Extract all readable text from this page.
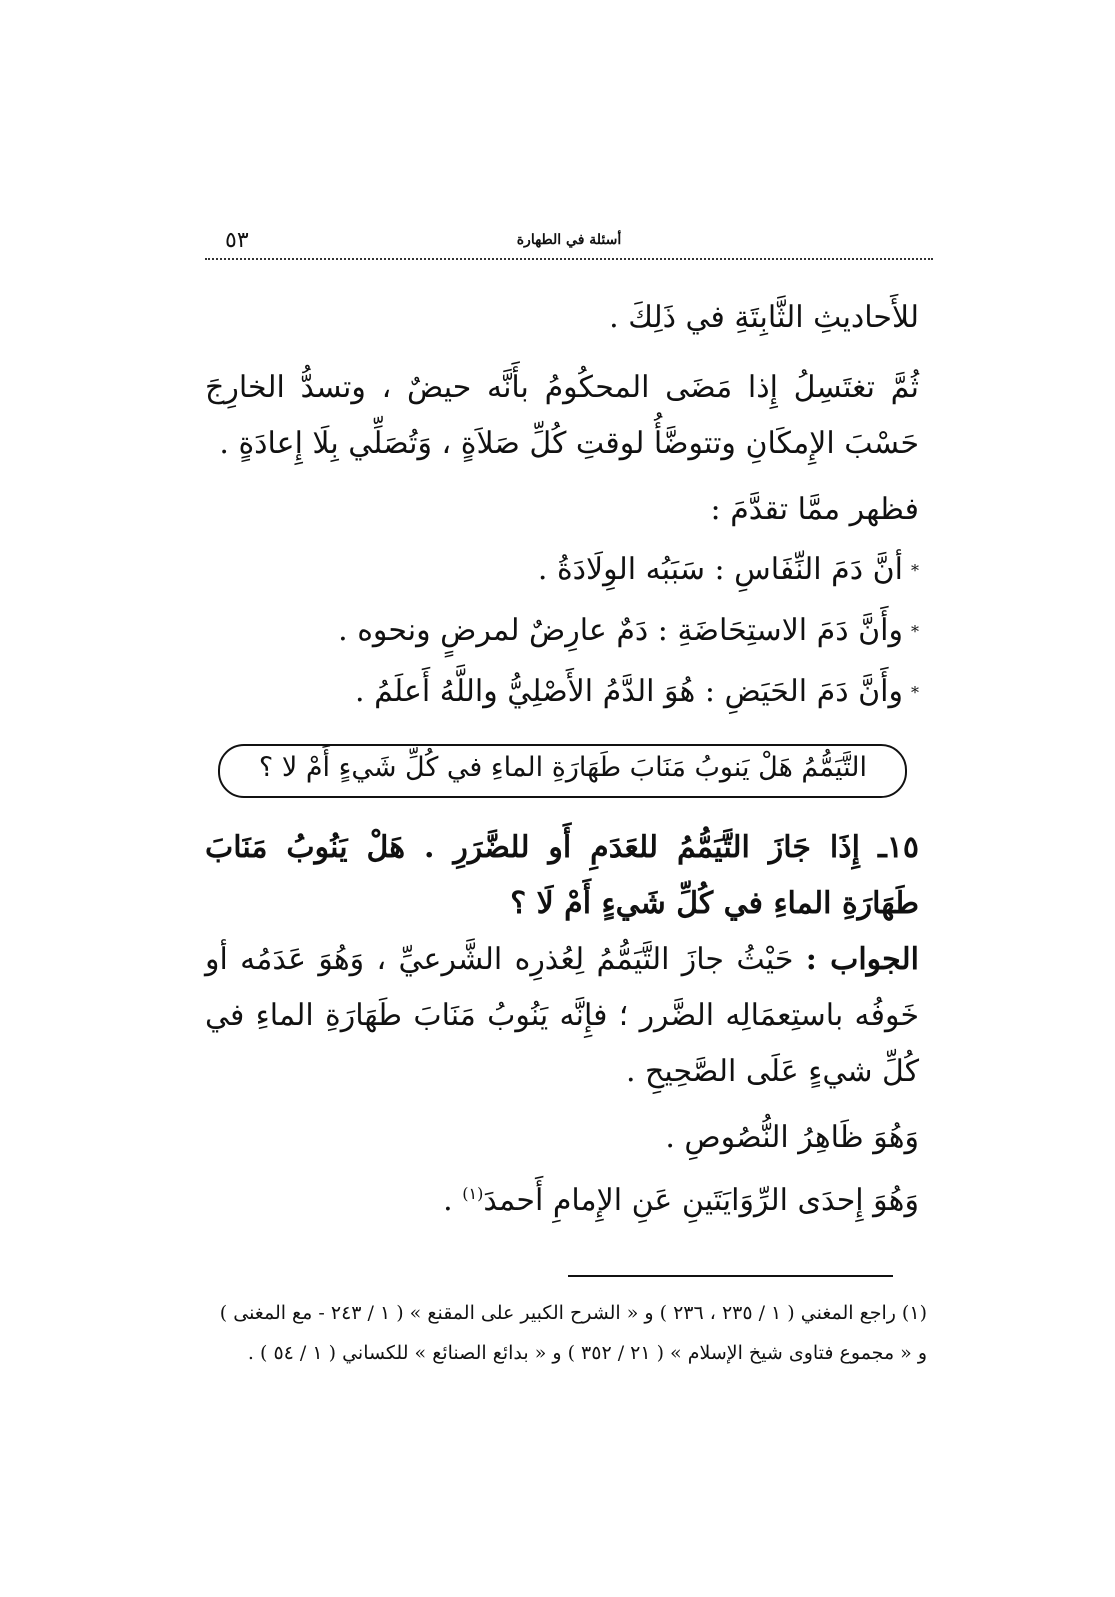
أسئلة في الطهارة
٥٣

للأَحاديثِ الثَّابِتَةِ في ذَلِكَ .

ثُمَّ تغتَسِلُ إِذا مَضَى المحكُومُ بأَنَّه حيضٌ ، وتسدُّ الخارِجَ حَسْبَ الإِمكَانِ وتتوضَّأُ لوقتِ كُلِّ صَلاَةٍ ، وَتُصَلِّي بِلَا إِعادَةٍ .

فظهر ممَّا تقدَّمَ :

*أنَّ دَمَ النِّفَاسِ : سَبَبُه الوِلَادَةُ .
*وأَنَّ دَمَ الاستِحَاضَةِ : دَمٌ عارِضٌ لمرضٍ ونحوه .
*وأَنَّ دَمَ الحَيَضِ : هُوَ الدَّمُ الأَصْلِيُّ واللَّهُ أَعلَمُ .
التَّيَمُّمُ هَلْ يَنوبُ مَنَابَ طَهَارَةِ الماءِ في كُلِّ شَيءٍ أَمْ لا ؟

١٥ـ إِذَا جَازَ التَّيَمُّمُ للعَدَمِ أَو للضَّرَرِ . هَلْ يَنُوبُ مَنَابَ طَهَارَةِ الماءِ في كُلِّ شَيءٍ أَمْ لَا ؟

الجواب : حَيْثُ جازَ التَّيَمُّمُ لِعُذرِه الشَّرعيِّ ، وَهُوَ عَدَمُه أو خَوفُه باستِعمَالِه الضَّرر ؛ فإِنَّه يَنُوبُ مَنَابَ طَهَارَةِ الماءِ في كُلِّ شيءٍ عَلَى الصَّحِيحِ .

وَهُوَ ظَاهِرُ النُّصُوصِ .

وَهُوَ إِحدَى الرِّوَايَتَينِ عَنِ الإِمامِ أَحمدَ$^{(١)}$ .

(١) راجع المغني ( ١ / ٢٣٥ ، ٢٣٦ ) و « الشرح الكبير على المقنع » ( ١ / ٢٤٣ - مع المغنى )
و « مجموع فتاوى شيخ الإسلام » ( ٢١ / ٣٥٢ ) و « بدائع الصنائع » للكساني ( ١ / ٥٤ ) .
